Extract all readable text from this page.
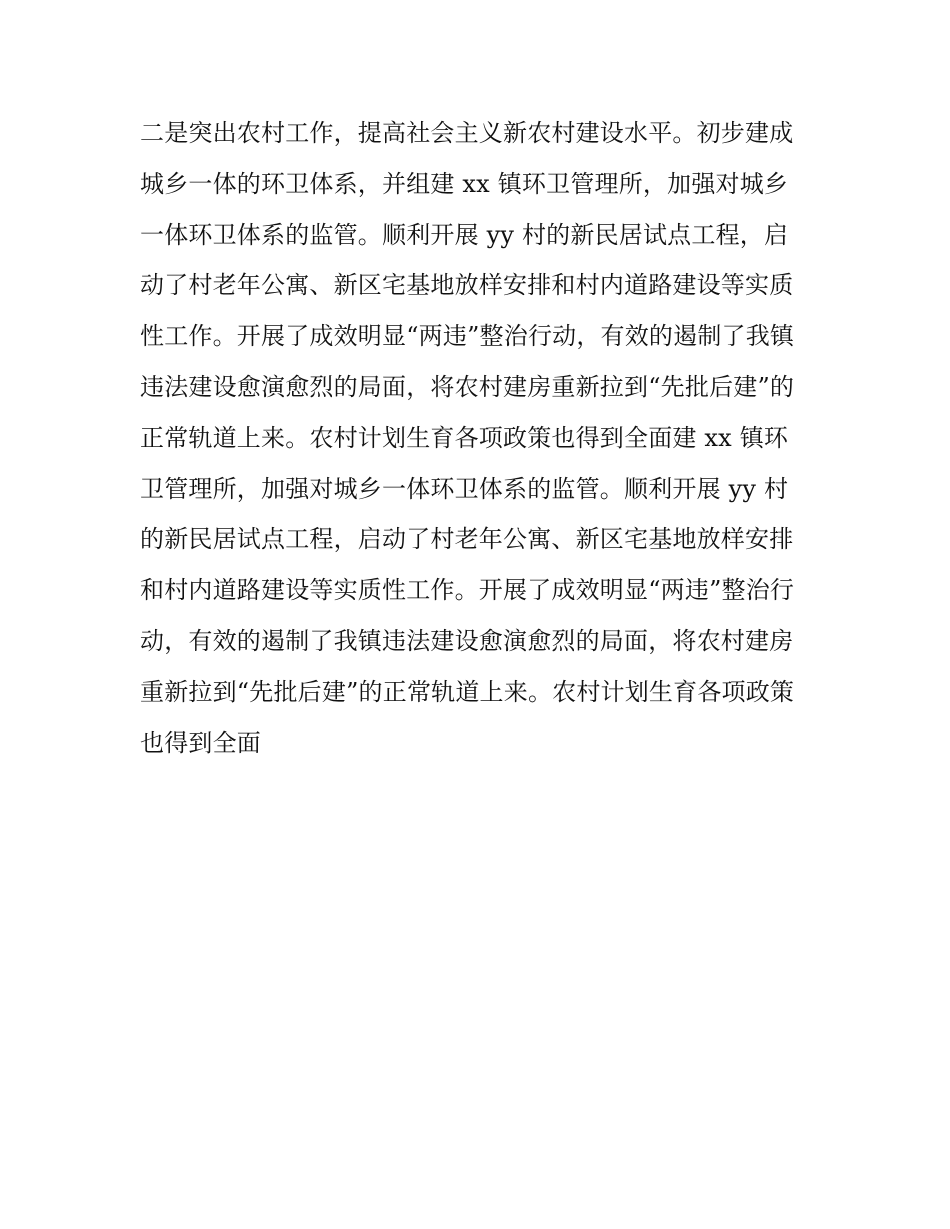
二是突出农村工作，提高社会主义新农村建设水平。初步建成
城乡一体的环卫体系，并组建 xx 镇环卫管理所，加强对城乡
一体环卫体系的监管。顺利开展 yy 村的新民居试点工程，启
动了村老年公寓、新区宅基地放样安排和村内道路建设等实质
性工作。开展了成效明显“两违”整治行动，有效的遏制了我镇
违法建设愈演愈烈的局面，将农村建房重新拉到“先批后建”的
正常轨道上来。农村计划生育各项政策也得到全面建 xx 镇环
卫管理所，加强对城乡一体环卫体系的监管。顺利开展 yy 村
的新民居试点工程，启动了村老年公寓、新区宅基地放样安排
和村内道路建设等实质性工作。开展了成效明显“两违”整治行
动，有效的遏制了我镇违法建设愈演愈烈的局面，将农村建房
重新拉到“先批后建”的正常轨道上来。农村计划生育各项政策
也得到全面
